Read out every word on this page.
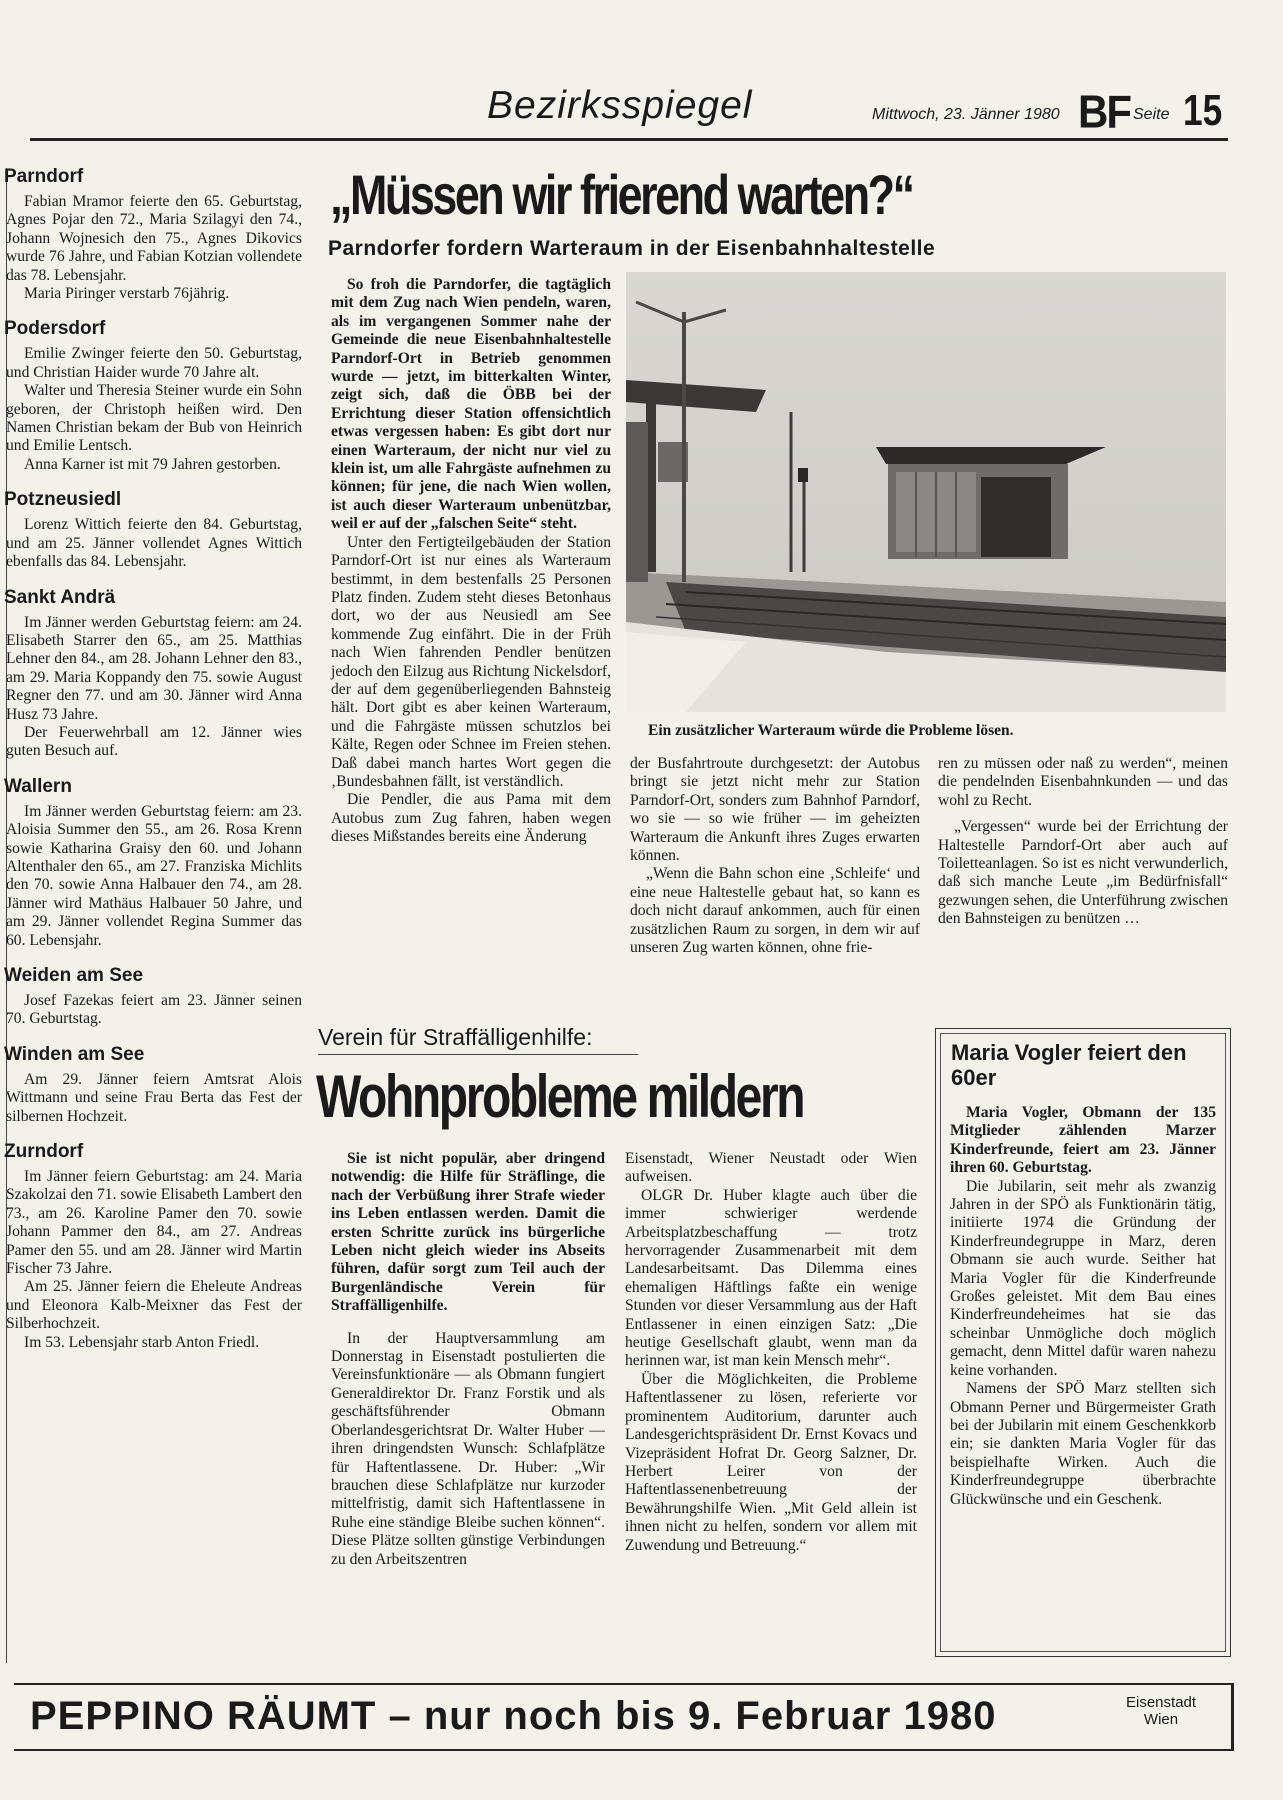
Bezirksspiegel	Mittwoch, 23. Jänner 1980 BF Seite 15
Parndorf

Fabian Mramor feierte den 65. Geburtstag, Agnes Pojar den 72., Maria Szilagyi den 74., Johann Wojnesich den 75., Agnes Dikovics wurde 76 Jahre, und Fabian Kotzian vollendete das 78. Lebensjahr.

Maria Piringer verstarb 76jährig.

Podersdorf

Emilie Zwinger feierte den 50. Geburtstag, und Christian Haider wurde 70 Jahre alt.

Walter und Theresia Steiner wurde ein Sohn geboren, der Christoph heißen wird. Den Namen Christian bekam der Bub von Heinrich und Emilie Lentsch.

Anna Karner ist mit 79 Jahren gestorben.

Potzneusiedl

Lorenz Wittich feierte den 84. Geburtstag, und am 25. Jänner vollendet Agnes Wittich ebenfalls das 84. Lebensjahr.

Sankt Andrä

Im Jänner werden Geburtstag feiern: am 24. Elisabeth Starrer den 65., am 25. Matthias Lehner den 84., am 28. Johann Lehner den 83., am 29. Maria Koppandy den 75. sowie August Regner den 77. und am 30. Jänner wird Anna Husz 73 Jahre.

Der Feuerwehrball am 12. Jänner wies guten Besuch auf.

Wallern

Im Jänner werden Geburtstag feiern: am 23. Aloisia Summer den 55., am 26. Rosa Krenn sowie Katharina Graisy den 60. und Johann Altenthaler den 65., am 27. Franziska Michlits den 70. sowie Anna Halbauer den 74., am 28. Jänner wird Mathäus Halbauer 50 Jahre, und am 29. Jänner vollendet Regina Summer das 60. Lebensjahr.

Weiden am See

Josef Fazekas feiert am 23. Jänner seinen 70. Geburtstag.

Winden am See

Am 29. Jänner feiern Amtsrat Alois Wittmann und seine Frau Berta das Fest der silbernen Hochzeit.

Zurndorf

Im Jänner feiern Geburtstag: am 24. Maria Szakolzai den 71. sowie Elisabeth Lambert den 73., am 26. Karoline Pamer den 70. sowie Johann Pammer den 84., am 27. Andreas Pamer den 55. und am 28. Jänner wird Martin Fischer 73 Jahre.

Am 25. Jänner feiern die Eheleute Andreas und Eleonora Kalb-Meixner das Fest der Silberhochzeit.

Im 53. Lebensjahr starb Anton Friedl.

„Müssen wir frierend warten?“
Parndorfer fordern Warteraum in der Eisenbahnhaltestelle

So froh die Parndorfer, die tagtäglich mit dem Zug nach Wien pendeln, waren, als im vergangenen Sommer nahe der Gemeinde die neue Eisenbahnhaltestelle Parndorf-Ort in Betrieb genommen wurde — jetzt, im bitterkalten Winter, zeigt sich, daß die ÖBB bei der Errichtung dieser Station offensichtlich etwas vergessen haben: Es gibt dort nur einen Warteraum, der nicht nur viel zu klein ist, um alle Fahrgäste aufnehmen zu können; für jene, die nach Wien wollen, ist auch dieser Warteraum unbenützbar, weil er auf der „falschen Seite“ steht.

Unter den Fertigteilgebäuden der Station Parndorf-Ort ist nur eines als Warteraum bestimmt, in dem bestenfalls 25 Personen Platz finden. Zudem steht dieses Betonhaus dort, wo der aus Neusiedl am See kommende Zug einfährt. Die in der Früh nach Wien fahrenden Pendler benützen jedoch den Eilzug aus Richtung Nickelsdorf, der auf dem gegenüberliegenden Bahnsteig hält. Dort gibt es aber keinen Warteraum, und die Fahrgäste müssen schutzlos bei Kälte, Regen oder Schnee im Freien stehen. Daß dabei manch hartes Wort gegen die ‚Bundesbahnen fällt, ist verständlich.

Die Pendler, die aus Pama mit dem Autobus zum Zug fahren, haben wegen dieses Mißstandes bereits eine Änderung

Ein zusätzlicher Warteraum würde die Probleme lösen.

der Busfahrtroute durchgesetzt: der Autobus bringt sie jetzt nicht mehr zur Station Parndorf-Ort, sonders zum Bahnhof Parndorf, wo sie — so wie früher — im geheizten Warteraum die Ankunft ihres Zuges erwarten können.

„Wenn die Bahn schon eine ‚Schleife‘ und eine neue Haltestelle gebaut hat, so kann es doch nicht darauf ankommen, auch für einen zusätzlichen Raum zu sorgen, in dem wir auf unseren Zug warten können, ohne frie-

ren zu müssen oder naß zu werden“, meinen die pendelnden Eisenbahnkunden — und das wohl zu Recht.

„Vergessen“ wurde bei der Errichtung der Haltestelle Parndorf-Ort aber auch auf Toiletteanlagen. So ist es nicht verwunderlich, daß sich manche Leute „im Bedürfnisfall“ gezwungen sehen, die Unterführung zwischen den Bahnsteigen zu benützen …

Verein für Straffälligenhilfe:
Wohnprobleme mildern

Sie ist nicht populär, aber dringend notwendig: die Hilfe für Sträflinge, die nach der Verbüßung ihrer Strafe wieder ins Leben entlassen werden. Damit die ersten Schritte zurück ins bürgerliche Leben nicht gleich wieder ins Abseits führen, dafür sorgt zum Teil auch der Burgenländische Verein für Straffälligenhilfe.

In der Hauptversammlung am Donnerstag in Eisenstadt postulierten die Vereinsfunktionäre — als Obmann fungiert Generaldirektor Dr. Franz Forstik und als geschäftsführender Obmann Oberlandesgerichtsrat Dr. Walter Huber — ihren dringendsten Wunsch: Schlafplätze für Haftentlassene. Dr. Huber: „Wir brauchen diese Schlafplätze nur kurzoder mittelfristig, damit sich Haftentlassene in Ruhe eine ständige Bleibe suchen können“. Diese Plätze sollten günstige Verbindungen zu den Arbeitszentren

Eisenstadt, Wiener Neustadt oder Wien aufweisen.

OLGR Dr. Huber klagte auch über die immer schwieriger werdende Arbeitsplatzbeschaffung — trotz hervorragender Zusammenarbeit mit dem Landesarbeitsamt. Das Dilemma eines ehemaligen Häftlings faßte ein wenige Stunden vor dieser Versammlung aus der Haft Entlassener in einen einzigen Satz: „Die heutige Gesellschaft glaubt, wenn man da herinnen war, ist man kein Mensch mehr“.

Über die Möglichkeiten, die Probleme Haftentlassener zu lösen, referierte vor prominentem Auditorium, darunter auch Landesgerichtspräsident Dr. Ernst Kovacs und Vizepräsident Hofrat Dr. Georg Salzner, Dr. Herbert Leirer von der Haftentlassenenbetreuung der Bewährungshilfe Wien. „Mit Geld allein ist ihnen nicht zu helfen, sondern vor allem mit Zuwendung und Betreuung.“

Maria Vogler feiert den 60er

Maria Vogler, Obmann der 135 Mitglieder zählenden Marzer Kinderfreunde, feiert am 23. Jänner ihren 60. Geburtstag.

Die Jubilarin, seit mehr als zwanzig Jahren in der SPÖ als Funktionärin tätig, initiierte 1974 die Gründung der Kinderfreundegruppe in Marz, deren Obmann sie auch wurde. Seither hat Maria Vogler für die Kinderfreunde Großes geleistet. Mit dem Bau eines Kinderfreundeheimes hat sie das scheinbar Unmögliche doch möglich gemacht, denn Mittel dafür waren nahezu keine vorhanden.

Namens der SPÖ Marz stellten sich Obmann Perner und Bürgermeister Grath bei der Jubilarin mit einem Geschenkkorb ein; sie dankten Maria Vogler für das beispielhafte Wirken. Auch die Kinderfreundegruppe überbrachte Glückwünsche und ein Geschenk.

PEPPINO RÄUMT – nur noch bis 9. Februar 1980	Eisenstadt
Wien
